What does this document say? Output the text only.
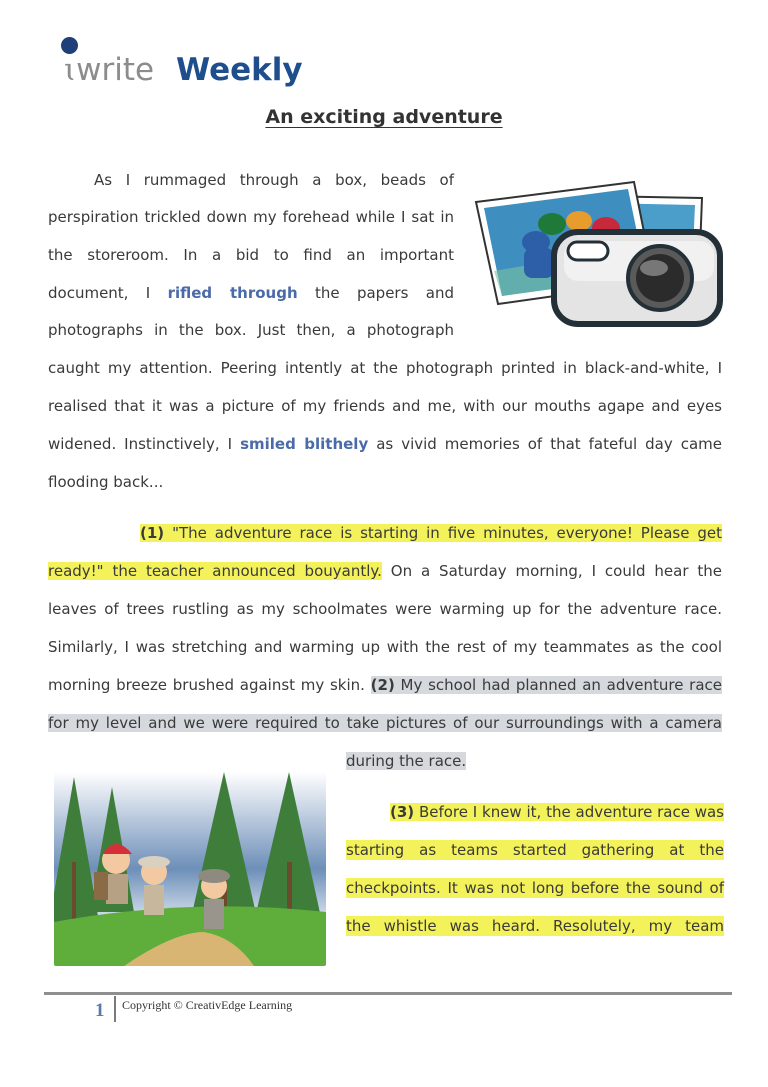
ɩwrite Weekly
An exciting adventure
As I rummaged through a box, beads of
perspiration trickled down my forehead while I sat in
the storeroom. In a bid to find an important
document, I rifled through the papers and
photographs in the box. Just then, a photograph
caught my attention. Peering intently at the photograph printed in black-and-white, I
realised that it was a picture of my friends and me, with our mouths agape and eyes
widened. Instinctively, I smiled blithely as vivid memories of that fateful day came
flooding back...
(1) "The adventure race is starting in five minutes, everyone! Please get
ready!" the teacher announced bouyantly. On a Saturday morning, I could hear the
leaves of trees rustling as my schoolmates were warming up for the adventure race.
Similarly, I was stretching and warming up with the rest of my teammates as the cool
morning breeze brushed against my skin. (2) My school had planned an adventure race
for my level and we were required to take pictures of our surroundings with a camera
during the race.
(3) Before I knew it, the adventure race was
starting as teams started gathering at the
checkpoints. It was not long before the sound of
the whistle was heard. Resolutely, my team
1 Copyright © CreativEdge Learning
